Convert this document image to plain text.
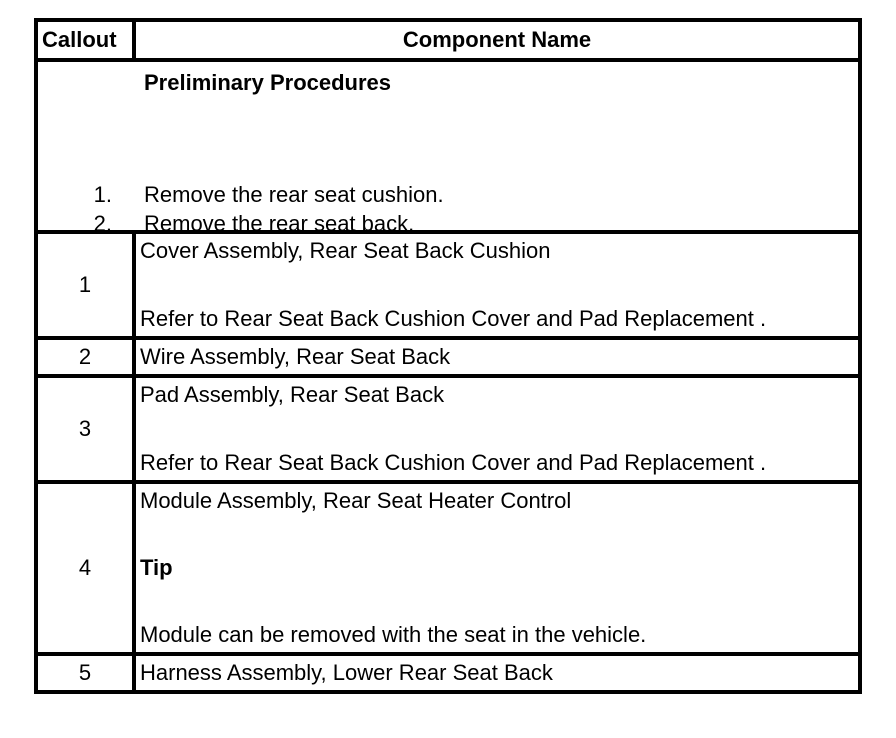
Callout	Component Name

Preliminary Procedures
1. Remove the rear seat cushion.
2. Remove the rear seat back.	

1	Cover Assembly, Rear Seat Back Cushion
Refer to Rear Seat Back Cushion Cover and Pad Replacement .

2	Wire Assembly, Rear Seat Back
3	Pad Assembly, Rear Seat Back
Refer to Rear Seat Back Cushion Cover and Pad Replacement .

4	Module Assembly, Rear Seat Heater Control
Tip
Module can be removed with the seat in the vehicle.

5	Harness Assembly, Lower Rear Seat Back
